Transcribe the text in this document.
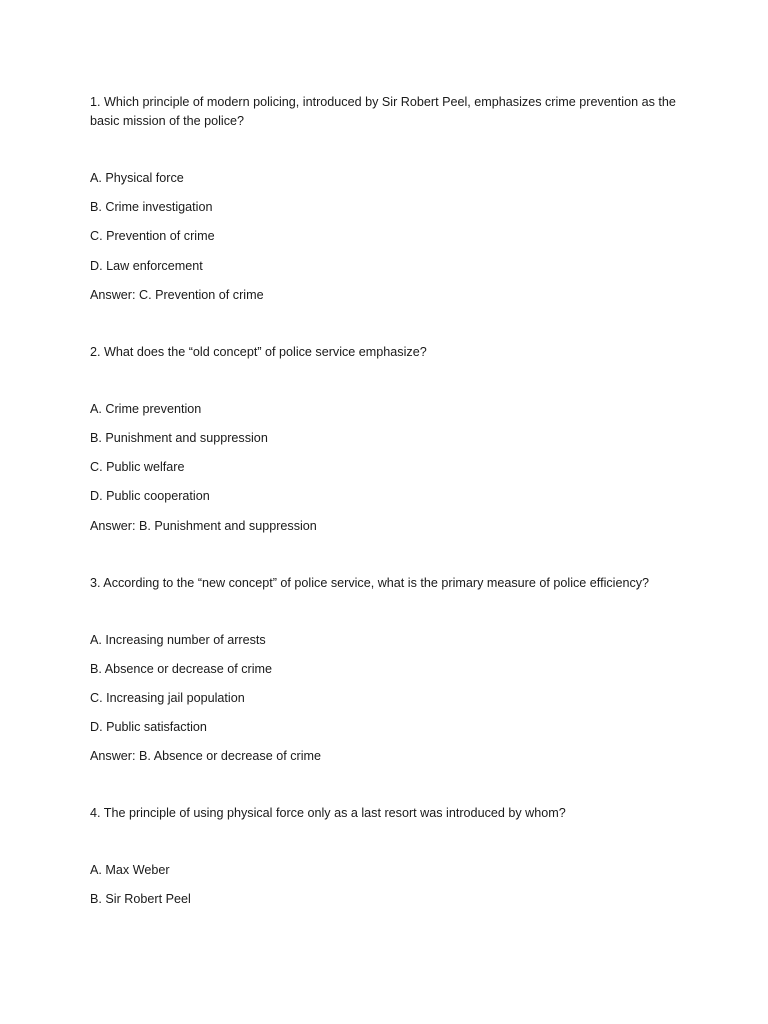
1. Which principle of modern policing, introduced by Sir Robert Peel, emphasizes crime prevention as the basic mission of the police?

A. Physical force
B. Crime investigation
C. Prevention of crime
D. Law enforcement
Answer: C. Prevention of crime

2. What does the “old concept” of police service emphasize?

A. Crime prevention
B. Punishment and suppression
C. Public welfare
D. Public cooperation
Answer: B. Punishment and suppression

3. According to the “new concept” of police service, what is the primary measure of police efficiency?

A. Increasing number of arrests
B. Absence or decrease of crime
C. Increasing jail population
D. Public satisfaction
Answer: B. Absence or decrease of crime

4. The principle of using physical force only as a last resort was introduced by whom?

A. Max Weber
B. Sir Robert Peel
